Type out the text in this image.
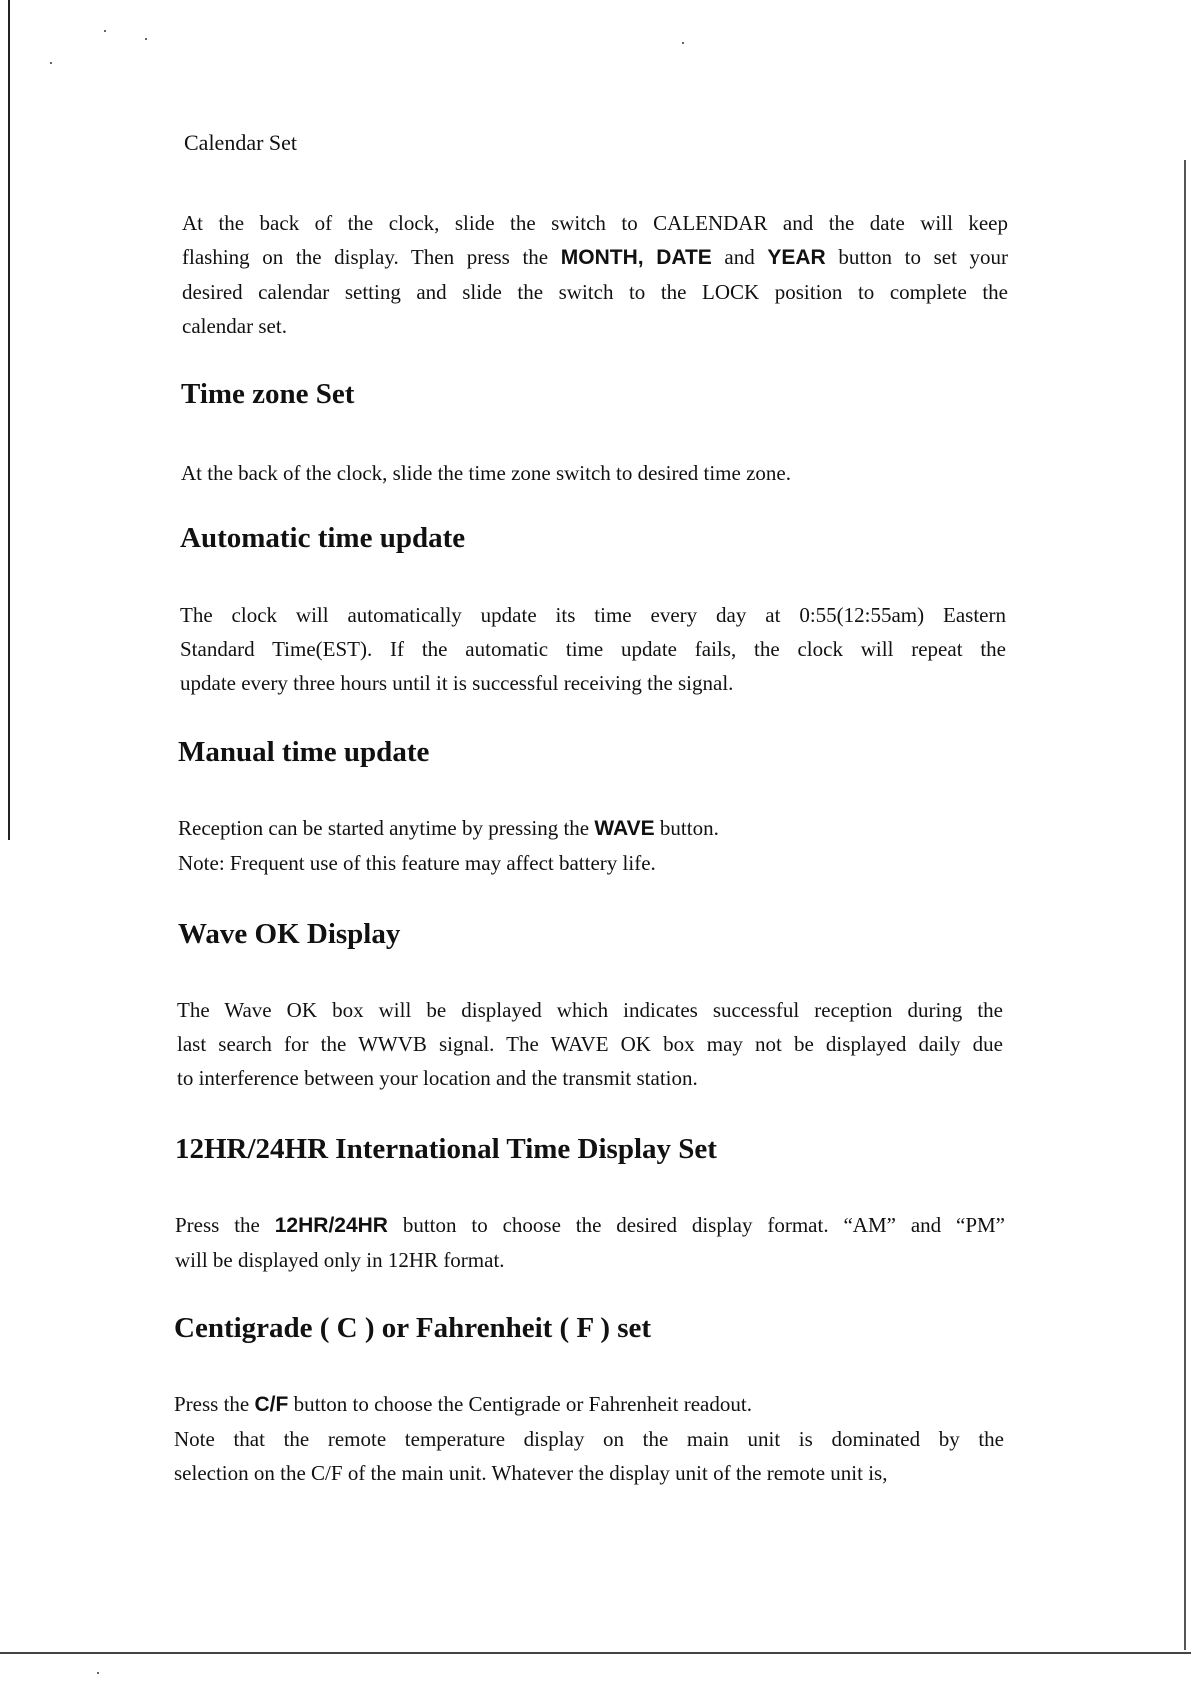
Calendar Set
At the back of the clock, slide the switch to CALENDAR and the date will keep
flashing on the display. Then press the MONTH, DATE and YEAR button to set your
desired calendar setting and slide the switch to the LOCK position to complete the
calendar set.
Time zone Set
At the back of the clock, slide the time zone switch to desired time zone.
Automatic time update
The clock will automatically update its time every day at 0:55(12:55am) Eastern
Standard Time(EST). If the automatic time update fails, the clock will repeat the
update every three hours until it is successful receiving the signal.
Manual time update
Reception can be started anytime by pressing the WAVE button.
Note: Frequent use of this feature may affect battery life.
Wave OK Display
The Wave OK box will be displayed which indicates successful reception during the
last search for the WWVB signal. The WAVE OK box may not be displayed daily due
to interference between your location and the transmit station.
12HR/24HR International Time Display Set
Press the 12HR/24HR button to choose the desired display format. “AM” and “PM”
will be displayed only in 12HR format.
Centigrade ( C ) or Fahrenheit ( F ) set
Press the C/F button to choose the Centigrade or Fahrenheit readout.
Note that the remote temperature display on the main unit is dominated by the
selection on the C/F of the main unit. Whatever the display unit of the remote unit is,
